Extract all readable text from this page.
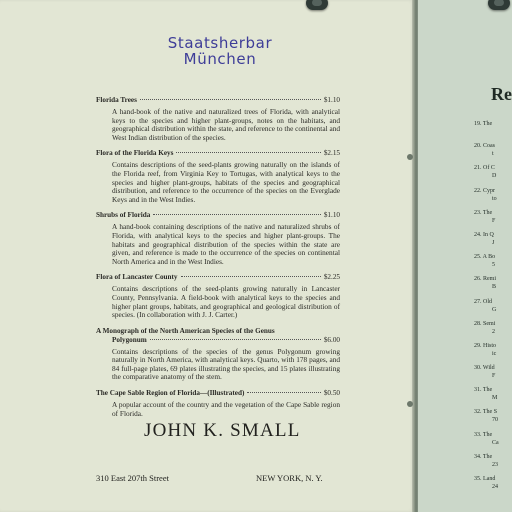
Staatsherbar
München
Florida Trees	$1.10
A hand-book of the native and naturalized trees of Florida, with analytical keys to the species and higher plant-groups, notes on the habitats, and geographical distribution within the state, and reference to the continental and West Indian distribution of the species.
Flora of the Florida Keys	$2.15
Contains descriptions of the seed-plants growing naturally on the islands of the Florida reef, from Virginia Key to Tortugas, with analytical keys to the species and higher plant-groups, habitats of the species and geographical distribution, and reference to the occurrence of the species on the Everglade Keys and in the West Indies.
Shrubs of Florida	$1.10
A hand-book containing descriptions of the native and naturalized shrubs of Florida, with analytical keys to the species and higher plant-groups. The habitats and geographical distribution of the species within the state are given, and reference is made to the occurrence of the species on continental North America and in the West Indies.
Flora of Lancaster County	$2.25
Contains descriptions of the seed-plants growing naturally in Lancaster County, Pennsylvania. A field-book with analytical keys to the species and higher plant groups, habitats, and geographical and geological distribution of species. (In collaboration with J. J. Carter.)
A Monograph of the North American Species of the Genus
Polygonum	$6.00
Contains descriptions of the species of the genus Polygonum growing naturally in North America, with analytical keys. Quarto, with 178 pages, and 84 full-page plates, 69 plates illustrating the species, and 15 plates illustrating the comparative anatomy of the stem.
The Cape Sable Region of Florida—(Illustrated)	$0.50
A popular account of the country and the vegetation of the Cape Sable region of Florida.
JOHN K. SMALL
310 East 207th Street	NEW YORK, N. Y.
Re
19. The
20. Coas
t
21. Of C
D
22. Cypr
to
23. The
F
24. In Q
J
25. A Bo
5
26. Remi
B
27. Old
G
28. Semi
2
29. Histo
ic
30. Wild
F
31. The
M
32. The S
70
33. The
Ca
34. The
23
35. Land
24
